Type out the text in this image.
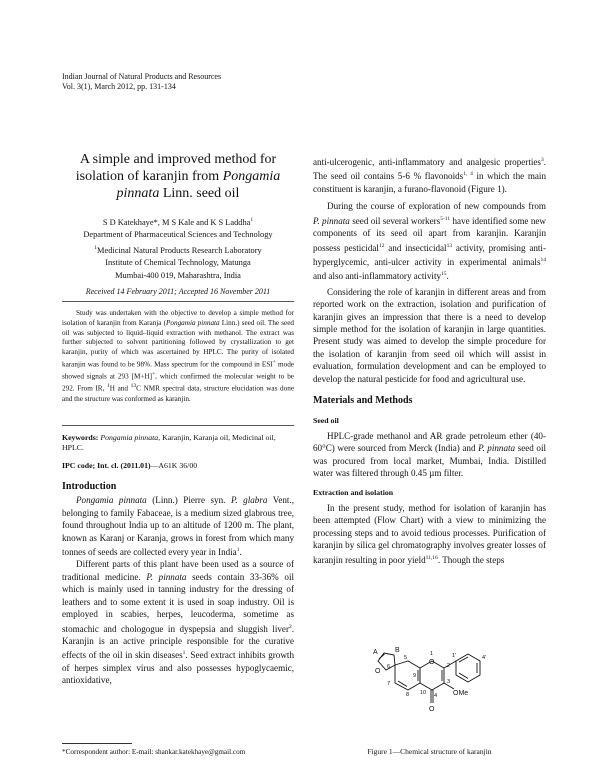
Indian Journal of Natural Products and Resources
Vol. 3(1), March 2012, pp. 131-134
A simple and improved method for
isolation of karanjin from Pongamia
pinnata Linn. seed oil
S D Katekhaye*, M S Kale and K S Laddha$^1$
Department of Pharmaceutical Sciences and Technology
$^1$Medicinal Natural Products Research Laboratory
Institute of Chemical Technology, Matunga
Mumbai-400 019, Maharashtra, India
Received 14 February 2011; Accepted 16 November 2011
Study was undertaken with the objective to develop a simple method for isolation of karanjin from Karanja (Pongamia pinnata Linn.) seed oil. The seed oil was subjected to liquid–liquid extraction with methanol. The extract was further subjected to solvent partitioning followed by crystallization to get karanjin, purity of which was ascertained by HPLC. The purity of isolated karanjin was found to be 98%. Mass spectrum for the compound in ESI+ mode showed signals at 293 [M+H]+, which confirmed the molecular weight to be 292. From IR, $^1$H and $^{13}$C NMR spectral data, structure elucidation was done and the structure was conformed as karanjin.
Keywords: Pongamia pinnata, Karanjin, Karanja oil, Medicinal oil, HPLC.
IPC code; Int. cl. (2011.01)—A61K 36/00
Introduction

Pongamia pinnata (Linn.) Pierre syn. P. glabra Vent., belonging to family Fabaceae, is a medium sized glabrous tree, found throughout India up to an altitude of 1200 m. The plant, known as Karanj or Karanja, grows in forest from which many tonnes of seeds are collected every year in India$^1$.

Different parts of this plant have been used as a source of traditional medicine. P. pinnata seeds contain 33-36% oil which is mainly used in tanning industry for the dressing of leathers and to some extent it is used in soap industry. Oil is employed in scabies, herpes, leucoderma, sometime as stomachic and chologogue in dyspepsia and sluggish liver$^2$. Karanjin is an active principle responsible for the curative effects of the oil in skin diseases$^1$. Seed extract inhibits growth of herpes simplex virus and also possesses hypoglycaemic, antioxidative,

anti-ulcerogenic, anti-inflammatory and analgesic properties$^3$. The seed oil contains 5-6 % flavonoids$^{1, 4}$ in which the main constituent is karanjin, a furano-flavonoid (Figure 1).

During the course of exploration of new compounds from P. pinnata seed oil several workers$^{5-11}$ have identified some new components of its seed oil apart from karanjin. Karanjin possess pesticidal$^{12}$ and insecticidal$^{13}$ activity, promising anti-hyperglycemic, anti-ulcer activity in experimental animals$^{14}$ and also anti-inflammatory activity$^{15}$.

Considering the role of karanjin in different areas and from reported work on the extraction, isolation and purification of karanjin gives an impression that there is a need to develop simple method for the isolation of karanjin in large quantities. Present study was aimed to develop the simple procedure for the isolation of karanjin from seed oil which will assist in evaluation, formulation development and can be employed to develop the natural pesticide for food and agricultural use.

Materials and Methods
Seed oil

HPLC-grade methanol and AR grade petroleum ether (40-60°C) were sourced from Merck (India) and P. pinnata seed oil was procured from local market, Mumbai, India. Distilled water was filtered through 0.45 µm filter.

Extraction and isolation

In the present study, method for isolation of karanjin has been attempted (Flow Chart) with a view to minimizing the processing steps and to avoid tedious processes. Purification of karanjin by silica gel chromatography involves greater losses of karanjin resulting in poor yield$^{11,16}$. Though the steps

A B
5
6
7
8
9
1
2
3
4
10
O
O
O
OMe
4'
1'
Figure 1—Chemical structure of karanjin
*Correspondent author: E-mail: shankar.katekhaye@gmail.com
